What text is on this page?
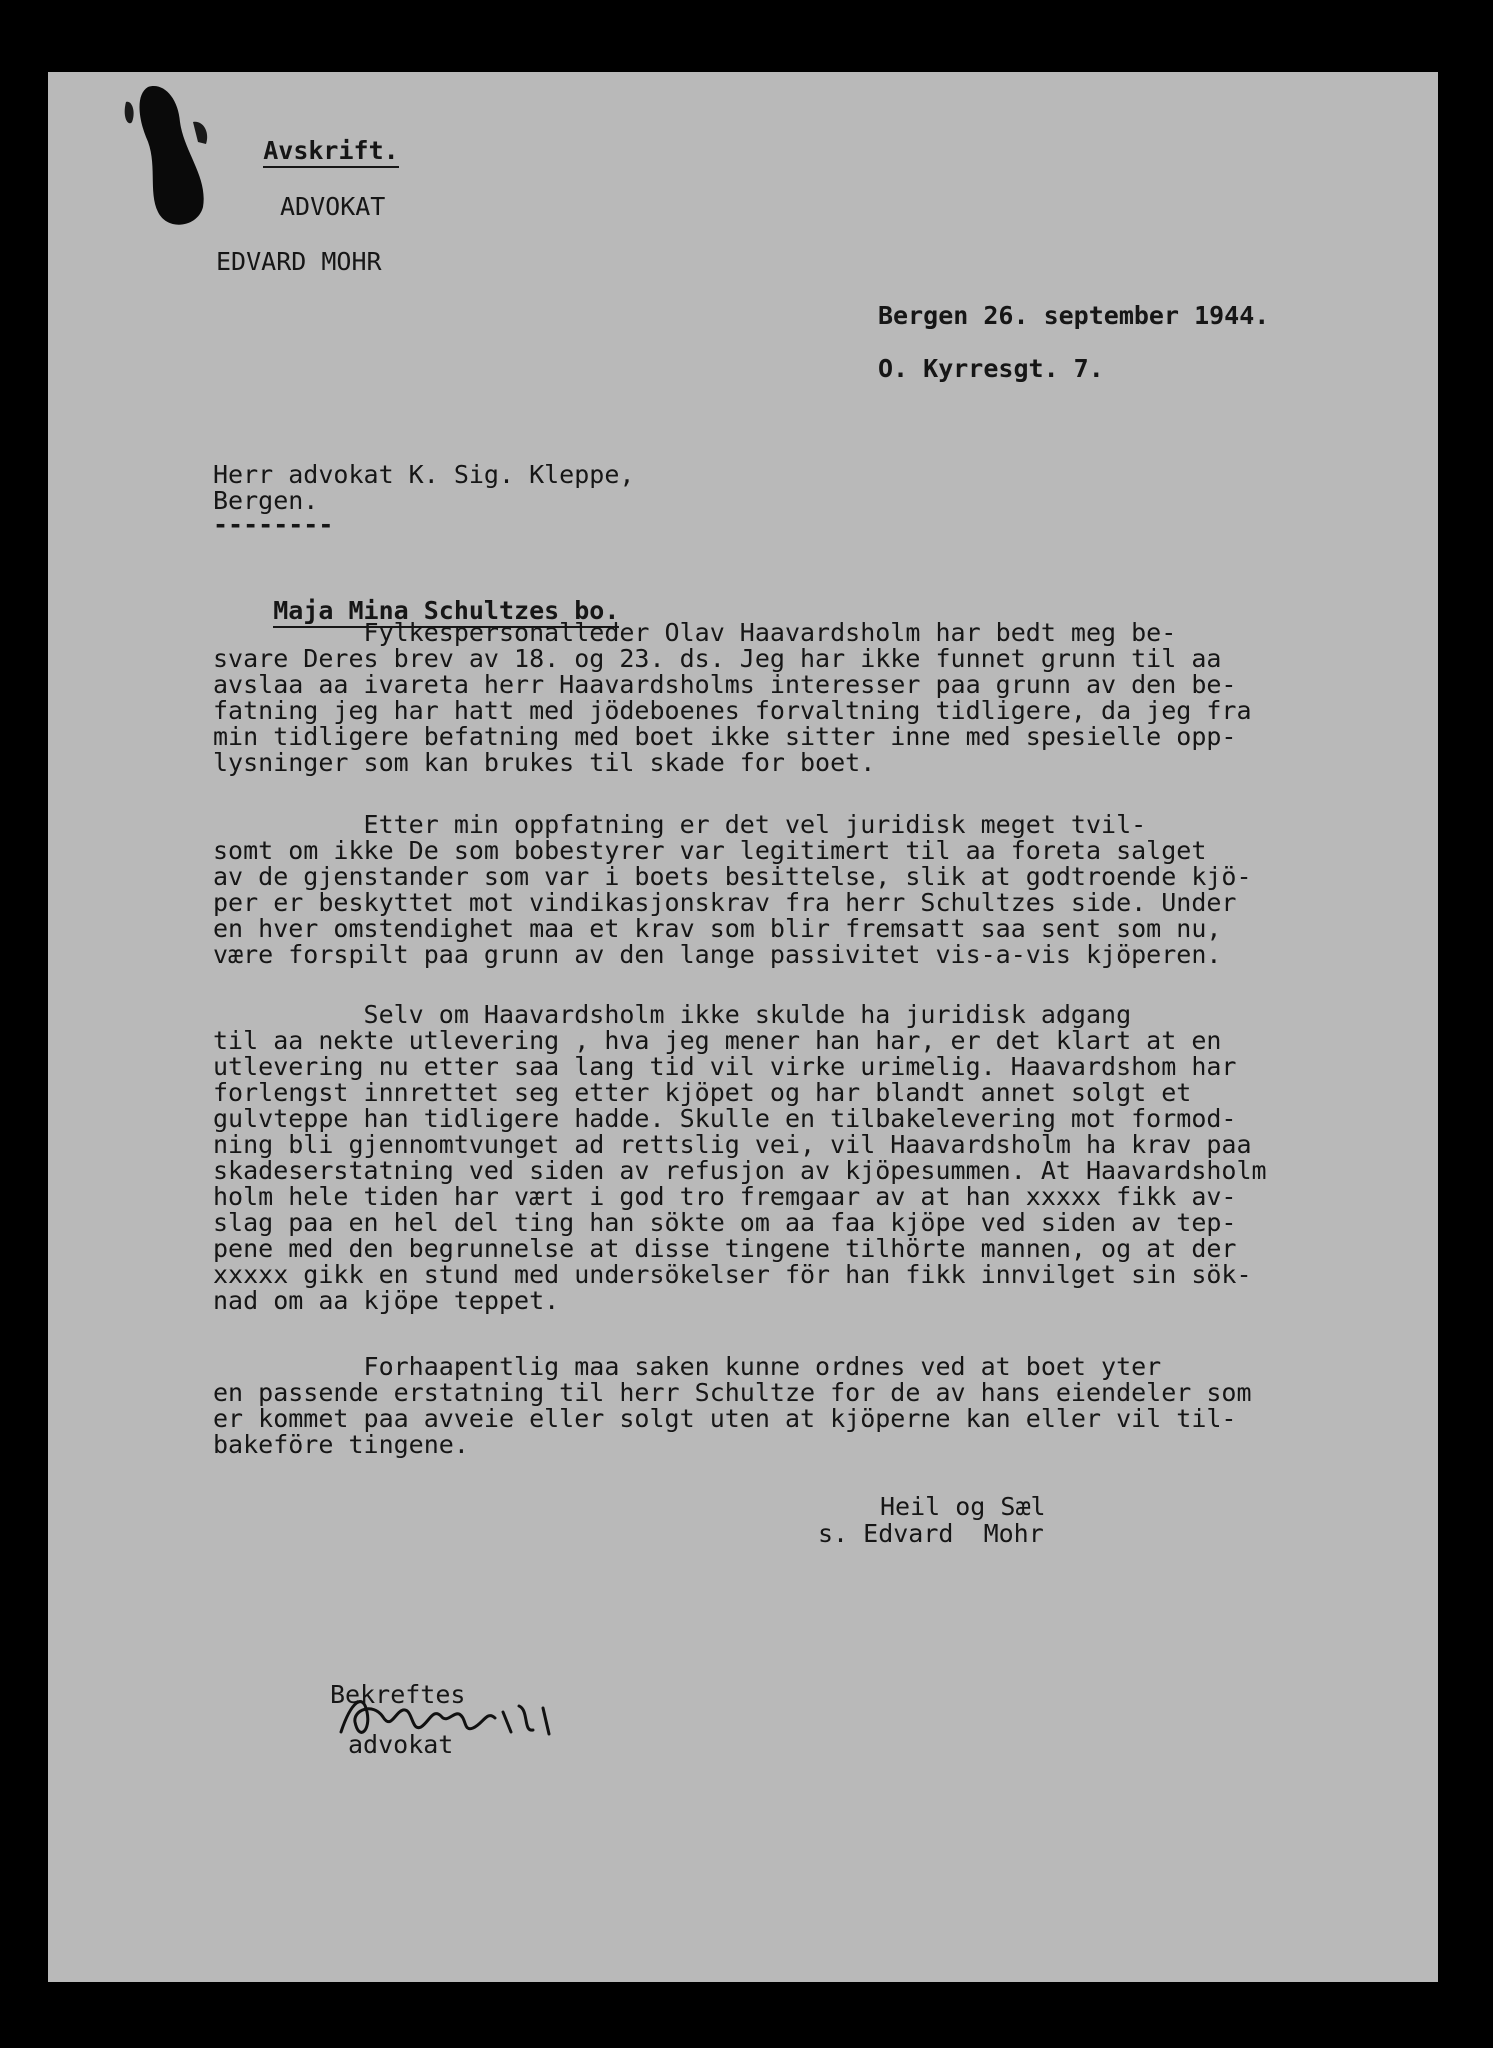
Avskrift.

ADVOKAT
EDVARD MOHR
Bergen 26. september 1944.
O. Kyrresgt. 7.
Herr advokat K. Sig. Kleppe,
Bergen.
--------

Maja Mina Schultzes bo.

Fylkespersonalleder Olav Haavardsholm har bedt meg be-
svare Deres brev av 18. og 23. ds. Jeg har ikke funnet grunn til aa
avslaa aa ivareta herr Haavardsholms interesser paa grunn av den be-
fatning jeg har hatt med jödeboenes forvaltning tidligere, da jeg fra
min tidligere befatning med boet ikke sitter inne med spesielle opp-
lysninger som kan brukes til skade for boet.
Etter min oppfatning er det vel juridisk meget tvil-
somt om ikke De som bobestyrer var legitimert til aa foreta salget
av de gjenstander som var i boets besittelse, slik at godtroende kjö-
per er beskyttet mot vindikasjonskrav fra herr Schultzes side. Under
en hver omstendighet maa et krav som blir fremsatt saa sent som nu,
være forspilt paa grunn av den lange passivitet vis-a-vis kjöperen.
Selv om Haavardsholm ikke skulde ha juridisk adgang
til aa nekte utlevering , hva jeg mener han har, er det klart at en
utlevering nu etter saa lang tid vil virke urimelig. Haavardshom har
forlengst innrettet seg etter kjöpet og har blandt annet solgt et
gulvteppe han tidligere hadde. Skulle en tilbakelevering mot formod-
ning bli gjennomtvunget ad rettslig vei, vil Haavardsholm ha krav paa
skadeserstatning ved siden av refusjon av kjöpesummen. At Haavardsholm
holm hele tiden har vært i god tro fremgaar av at han xxxxx fikk av-
slag paa en hel del ting han sökte om aa faa kjöpe ved siden av tep-
pene med den begrunnelse at disse tingene tilhörte mannen, og at der
xxxxx gikk en stund med undersökelser för han fikk innvilget sin sök-
nad om aa kjöpe teppet.
Forhaapentlig maa saken kunne ordnes ved at boet yter
en passende erstatning til herr Schultze for de av hans eiendeler som
er kommet paa avveie eller solgt uten at kjöperne kan eller vil til-
bakeföre tingene.
Heil og Sæl
s. Edvard  Mohr
Bekreftes
advokat
